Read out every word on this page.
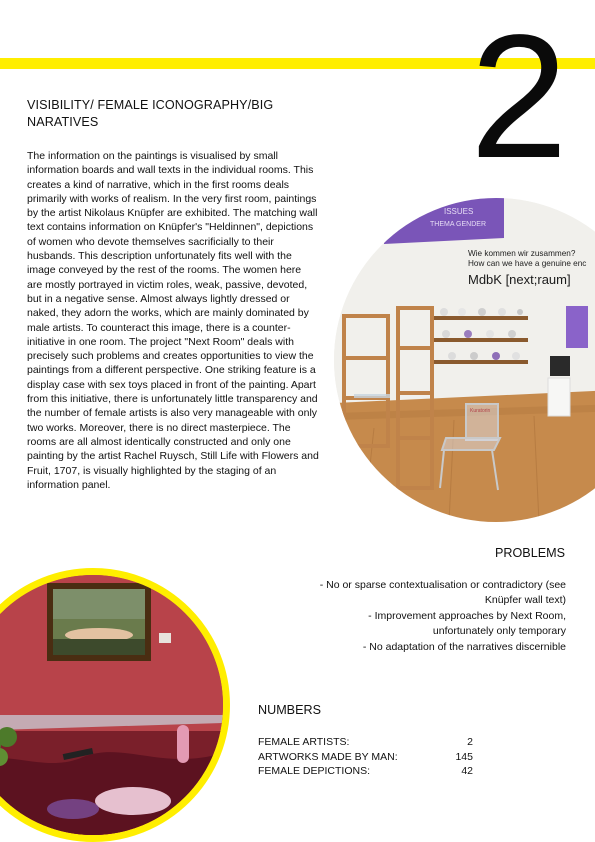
2
VISIBILITY/ FEMALE ICONOGRAPHY/BIG NARATIVES
The information on the paintings is visualised by small information boards and wall texts in the individual rooms. This creates a kind of narrative, which in the first rooms deals primarily with works of realism. In the very first room, paintings by the artist Nikolaus Knüpfer are exhibited. The matching wall text contains information on Knüpfer's "Heldinnen", depictions of women who devote themselves sacrificially to their husbands. This description unfortunately fits well with the image conveyed by the rest of the rooms. The women here are mostly portrayed in victim roles, weak, passive, devoted, but in a negative sense. Almost always lightly dressed or naked, they adorn the works, which are mainly dominated by male artists. To counteract this image, there is a counter-initiative in one room. The project "Next Room" deals with precisely such problems and creates opportunities to view the paintings from a different perspective. One striking feature is a display case with sex toys placed in front of the painting. Apart from this initiative, there is unfortunately little transparency and the number of female artists is also very manageable with only two works. Moreover, there is no direct masterpiece. The rooms are all almost identically constructed and only one painting by the artist Rachel Ruysch, Still Life with Flowers and Fruit, 1707, is visually highlighted by the staging of an information panel.
ISSUES
THEMA GENDER
Wie kommen wir zusammen?
How can we have a genuine enc
MdbK [next;raum]
Kuratorin
PROBLEMS
- No or sparse contextualisation or contradictory (see Knüpfer wall text)
- Improvement approaches by Next Room, unfortunately only temporary
- No adaptation of the narratives discernible
NUMBERS
FEMALE ARTISTS:	2
ARTWORKS MADE BY MAN:	145
FEMALE DEPICTIONS:	42
